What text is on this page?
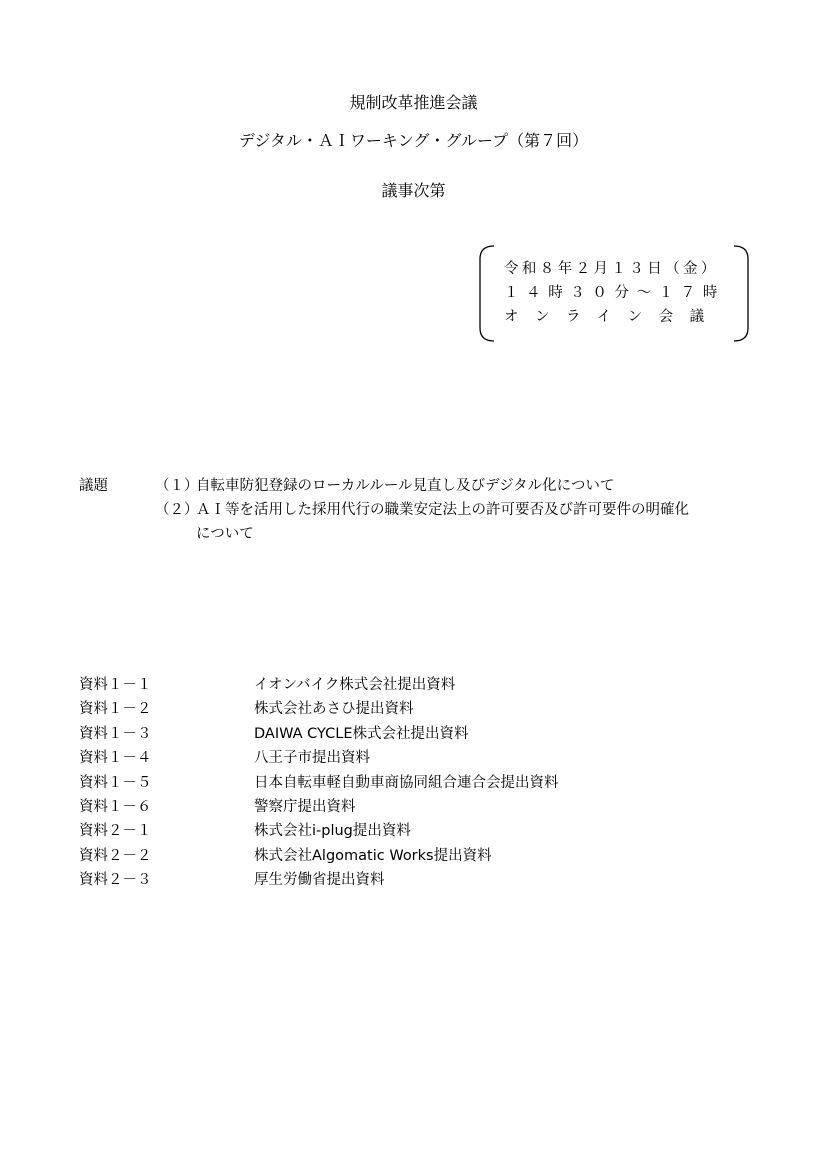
規制改革推進会議
デジタル・ＡＩワーキング・グループ（第７回）
議事次第
令和８年２月１３日（金）
１４時３０分～１７時
オンライン会議
議題	（１）自転車防犯登録のローカルルール見直し及びデジタル化について
（２）ＡＩ等を活用した採用代行の職業安定法上の許可要否及び許可要件の明確化
について
資料１－１	イオンバイク株式会社提出資料
資料１－２	株式会社あさひ提出資料
資料１－３	DAIWA CYCLE株式会社提出資料
資料１－４	八王子市提出資料
資料１－５	日本自転車軽自動車商協同組合連合会提出資料
資料１－６	警察庁提出資料
資料２－１	株式会社i-plug提出資料
資料２－２	株式会社Algomatic Works提出資料
資料２－３	厚生労働省提出資料
